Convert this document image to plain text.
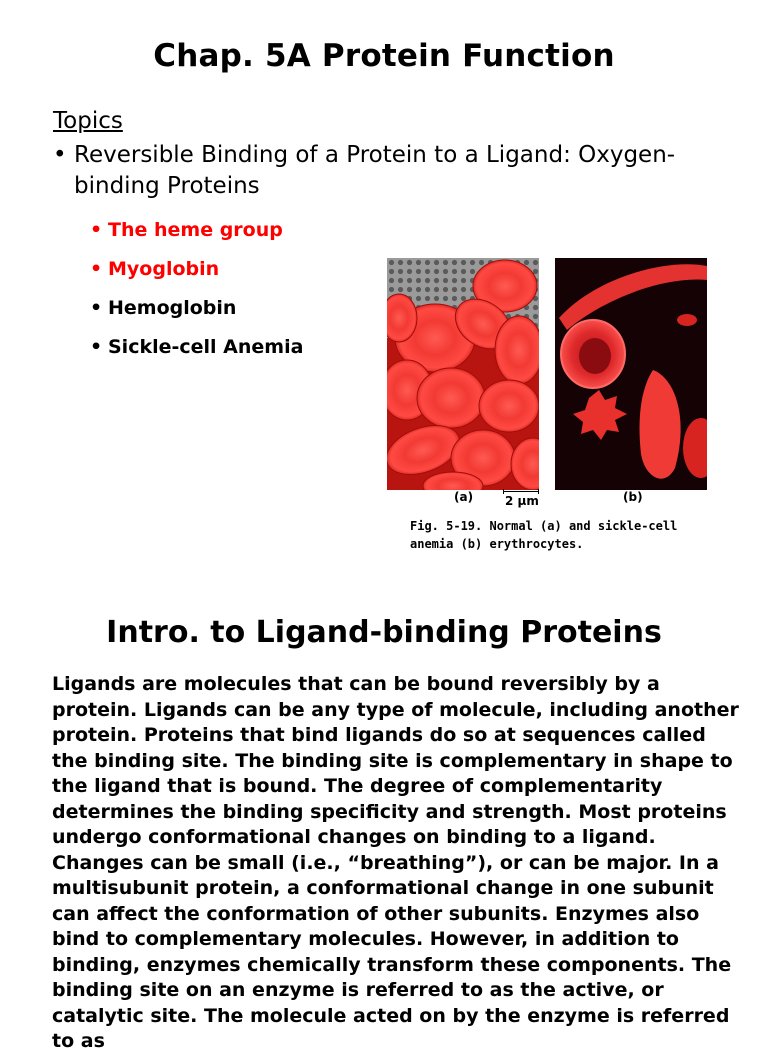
Chap. 5A Protein Function
Topics
• Reversible Binding of a Protein to a Ligand: Oxygen-binding Proteins
• The heme group
• Myoglobin
• Hemoglobin
• Sickle-cell Anemia
(a)	2 µm	(b)
Fig. 5-19. Normal (a) and sickle-cell anemia (b) erythrocytes.
Intro. to Ligand-binding Proteins

Ligands are molecules that can be bound reversibly by a protein. Ligands can be any type of molecule, including another protein. Proteins that bind ligands do so at sequences called the binding site. The binding site is complementary in shape to the ligand that is bound. The degree of complementarity determines the binding specificity and strength. Most proteins undergo conformational changes on binding to a ligand. Changes can be small (i.e., “breathing”), or can be major. In a multisubunit protein, a conformational change in one subunit can affect the conformation of other subunits. Enzymes also bind to complementary molecules. However, in addition to binding, enzymes chemically transform these components. The binding site on an enzyme is referred to as the active, or catalytic site. The molecule acted on by the enzyme is referred to as
